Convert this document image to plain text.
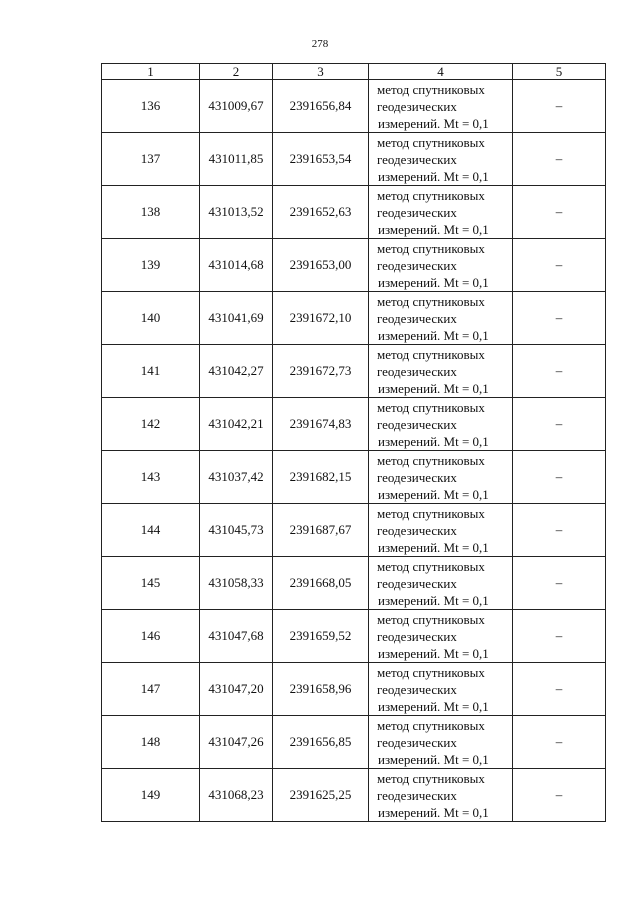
278
1	2	3	4	5
136	431009,67	2391656,84	метод спутниковых
геодезических
измерений. Mt = 0,1	–
137	431011,85	2391653,54	метод спутниковых
геодезических
измерений. Mt = 0,1	–
138	431013,52	2391652,63	метод спутниковых
геодезических
измерений. Mt = 0,1	–
139	431014,68	2391653,00	метод спутниковых
геодезических
измерений. Mt = 0,1	–
140	431041,69	2391672,10	метод спутниковых
геодезических
измерений. Mt = 0,1	–
141	431042,27	2391672,73	метод спутниковых
геодезических
измерений. Mt = 0,1	–
142	431042,21	2391674,83	метод спутниковых
геодезических
измерений. Mt = 0,1	–
143	431037,42	2391682,15	метод спутниковых
геодезических
измерений. Mt = 0,1	–
144	431045,73	2391687,67	метод спутниковых
геодезических
измерений. Mt = 0,1	–
145	431058,33	2391668,05	метод спутниковых
геодезических
измерений. Mt = 0,1	–
146	431047,68	2391659,52	метод спутниковых
геодезических
измерений. Mt = 0,1	–
147	431047,20	2391658,96	метод спутниковых
геодезических
измерений. Mt = 0,1	–
148	431047,26	2391656,85	метод спутниковых
геодезических
измерений. Mt = 0,1	–
149	431068,23	2391625,25	метод спутниковых
геодезических
измерений. Mt = 0,1	–
